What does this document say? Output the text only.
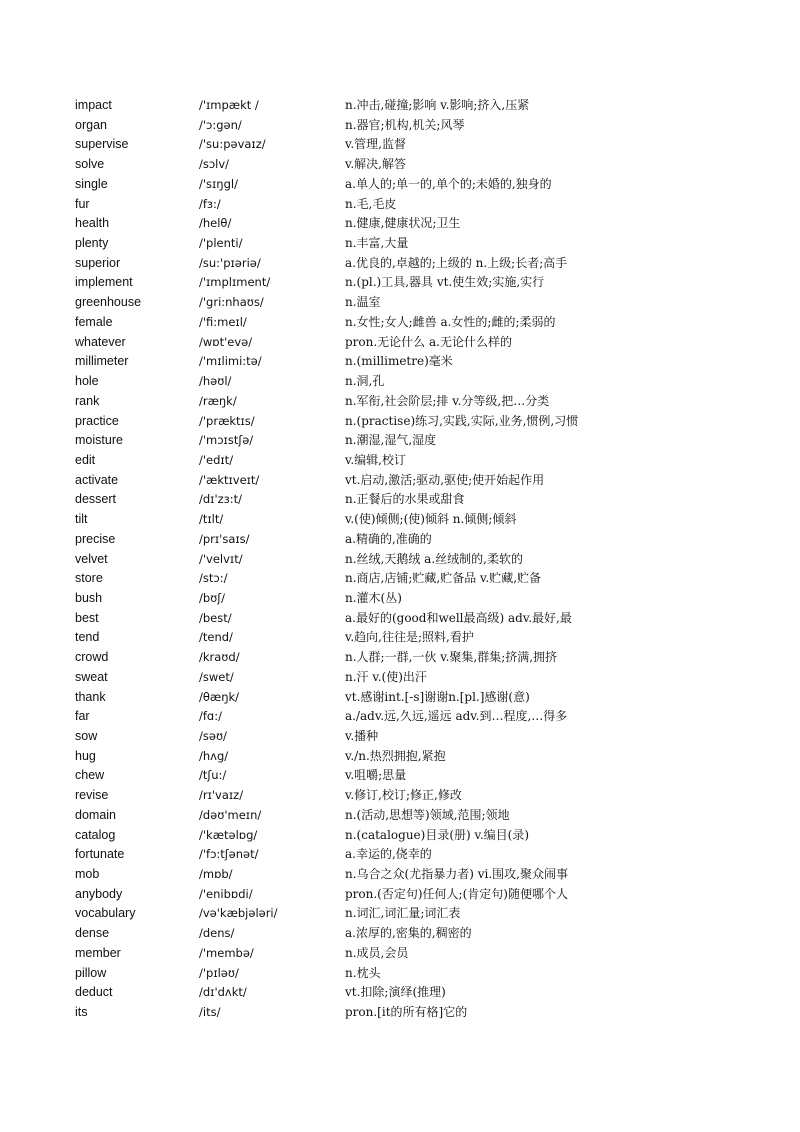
impact	/'ɪmpækt /	n.冲击,碰撞;影响 v.影响;挤入,压紧
organ	/'ɔ:gən/	n.器官;机构,机关;风琴
supervise	/'su:pəvaɪz/	v.管理,监督
solve	/sɔlv/	v.解决,解答
single	/'sɪŋgl/	a.单人的;单一的,单个的;未婚的,独身的
fur	/fɜ:/	n.毛,毛皮
health	/helθ/	n.健康,健康状况;卫生
plenty	/'plenti/	n.丰富,大量
superior	/su:'pɪəriə/	a.优良的,卓越的;上级的 n.上级;长者;高手
implement	/'ɪmplɪment/	n.(pl.)工具,器具 vt.使生效;实施,实行
greenhouse	/'gri:nhaʊs/	n.温室
female	/'fi:meɪl/	n.女性;女人;雌兽 a.女性的;雌的;柔弱的
whatever	/wɒt'evə/	pron.无论什么 a.无论什么样的
millimeter	/'mɪlimi:tə/	n.(millimetre)毫米
hole	/həʊl/	n.洞,孔
rank	/ræŋk/	n.军衔,社会阶层;排 v.分等级,把…分类
practice	/'præktɪs/	n.(practise)练习,实践,实际,业务,惯例,习惯
moisture	/'mɔɪstʃə/	n.潮湿,湿气,湿度
edit	/'edɪt/	v.编辑,校订
activate	/'æktɪveɪt/	vt.启动,激活;驱动,驱使;使开始起作用
dessert	/dɪ'zɜ:t/	n.正餐后的水果或甜食
tilt	/tɪlt/	v.(使)倾侧;(使)倾斜 n.倾侧;倾斜
precise	/prɪ'saɪs/	a.精确的,准确的
velvet	/'velvɪt/	n.丝绒,天鹅绒 a.丝绒制的,柔软的
store	/stɔ:/	n.商店,店铺;贮藏,贮备品 v.贮藏,贮备
bush	/bʊʃ/	n.灌木(丛)
best	/best/	a.最好的(good和well最高级) adv.最好,最
tend	/tend/	v.趋向,往往是;照料,看护
crowd	/kraʊd/	n.人群;一群,一伙 v.聚集,群集;挤满,拥挤
sweat	/swet/	n.汗 v.(使)出汗
thank	/θæŋk/	vt.感谢int.[-s]谢谢n.[pl.]感谢(意)
far	/fɑ:/	a./adv.远,久远,遥远 adv.到…程度,…得多
sow	/səʊ/	v.播种
hug	/hʌg/	v./n.热烈拥抱,紧抱
chew	/tʃu:/	v.咀嚼;思量
revise	/rɪ'vaɪz/	v.修订,校订;修正,修改
domain	/dəʊ'meɪn/	n.(活动,思想等)领域,范围;领地
catalog	/'kætəlɒg/	n.(catalogue)目录(册) v.编目(录)
fortunate	/'fɔ:tʃənət/	a.幸运的,侥幸的
mob	/mɒb/	n.乌合之众(尤指暴力者) vi.围攻,聚众闹事
anybody	/'enibɒdi/	pron.(否定句)任何人;(肯定句)随便哪个人
vocabulary	/və'kæbjələri/	n.词汇,词汇量;词汇表
dense	/dens/	a.浓厚的,密集的,稠密的
member	/'membə/	n.成员,会员
pillow	/'pɪləʊ/	n.枕头
deduct	/dɪ'dʌkt/	vt.扣除;演绎(推理)
its	/its/	pron.[it的所有格]它的
